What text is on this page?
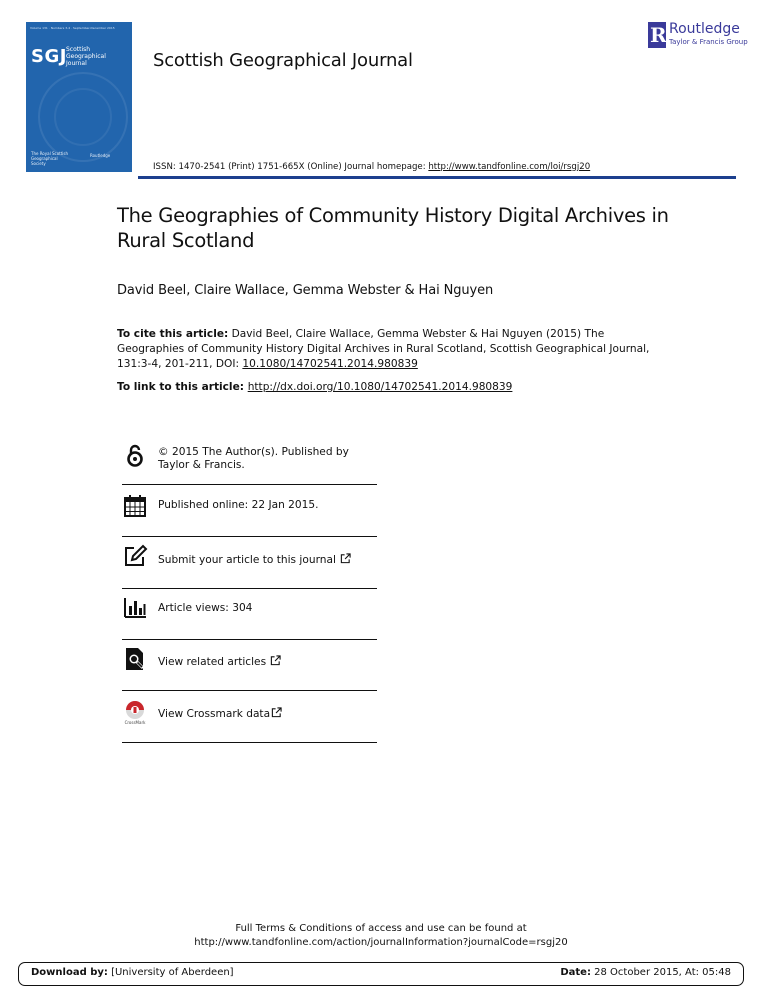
Volume 131 · Numbers 3-4 · September-December 2015
SGJ Scottish Geographical Journal
The Royal Scottish Geographical Society
Routledge
Scottish Geographical Journal
R Routledge
Taylor & Francis Group
ISSN: 1470-2541 (Print) 1751-665X (Online) Journal homepage: http://www.tandfonline.com/loi/rsgj20
The Geographies of Community History Digital Archives in Rural Scotland
David Beel, Claire Wallace, Gemma Webster & Hai Nguyen
To cite this article: David Beel, Claire Wallace, Gemma Webster & Hai Nguyen (2015) The Geographies of Community History Digital Archives in Rural Scotland, Scottish Geographical Journal, 131:3-4, 201-211, DOI: 10.1080/14702541.2014.980839
To link to this article: http://dx.doi.org/10.1080/14702541.2014.980839
© 2015 The Author(s). Published by Taylor & Francis.
Published online: 22 Jan 2015.
Submit your article to this journal
Article views: 304
View related articles
CrossMark
View Crossmark data
Full Terms & Conditions of access and use can be found at
http://www.tandfonline.com/action/journalInformation?journalCode=rsgj20
Download by: [University of Aberdeen]	Date: 28 October 2015, At: 05:48
